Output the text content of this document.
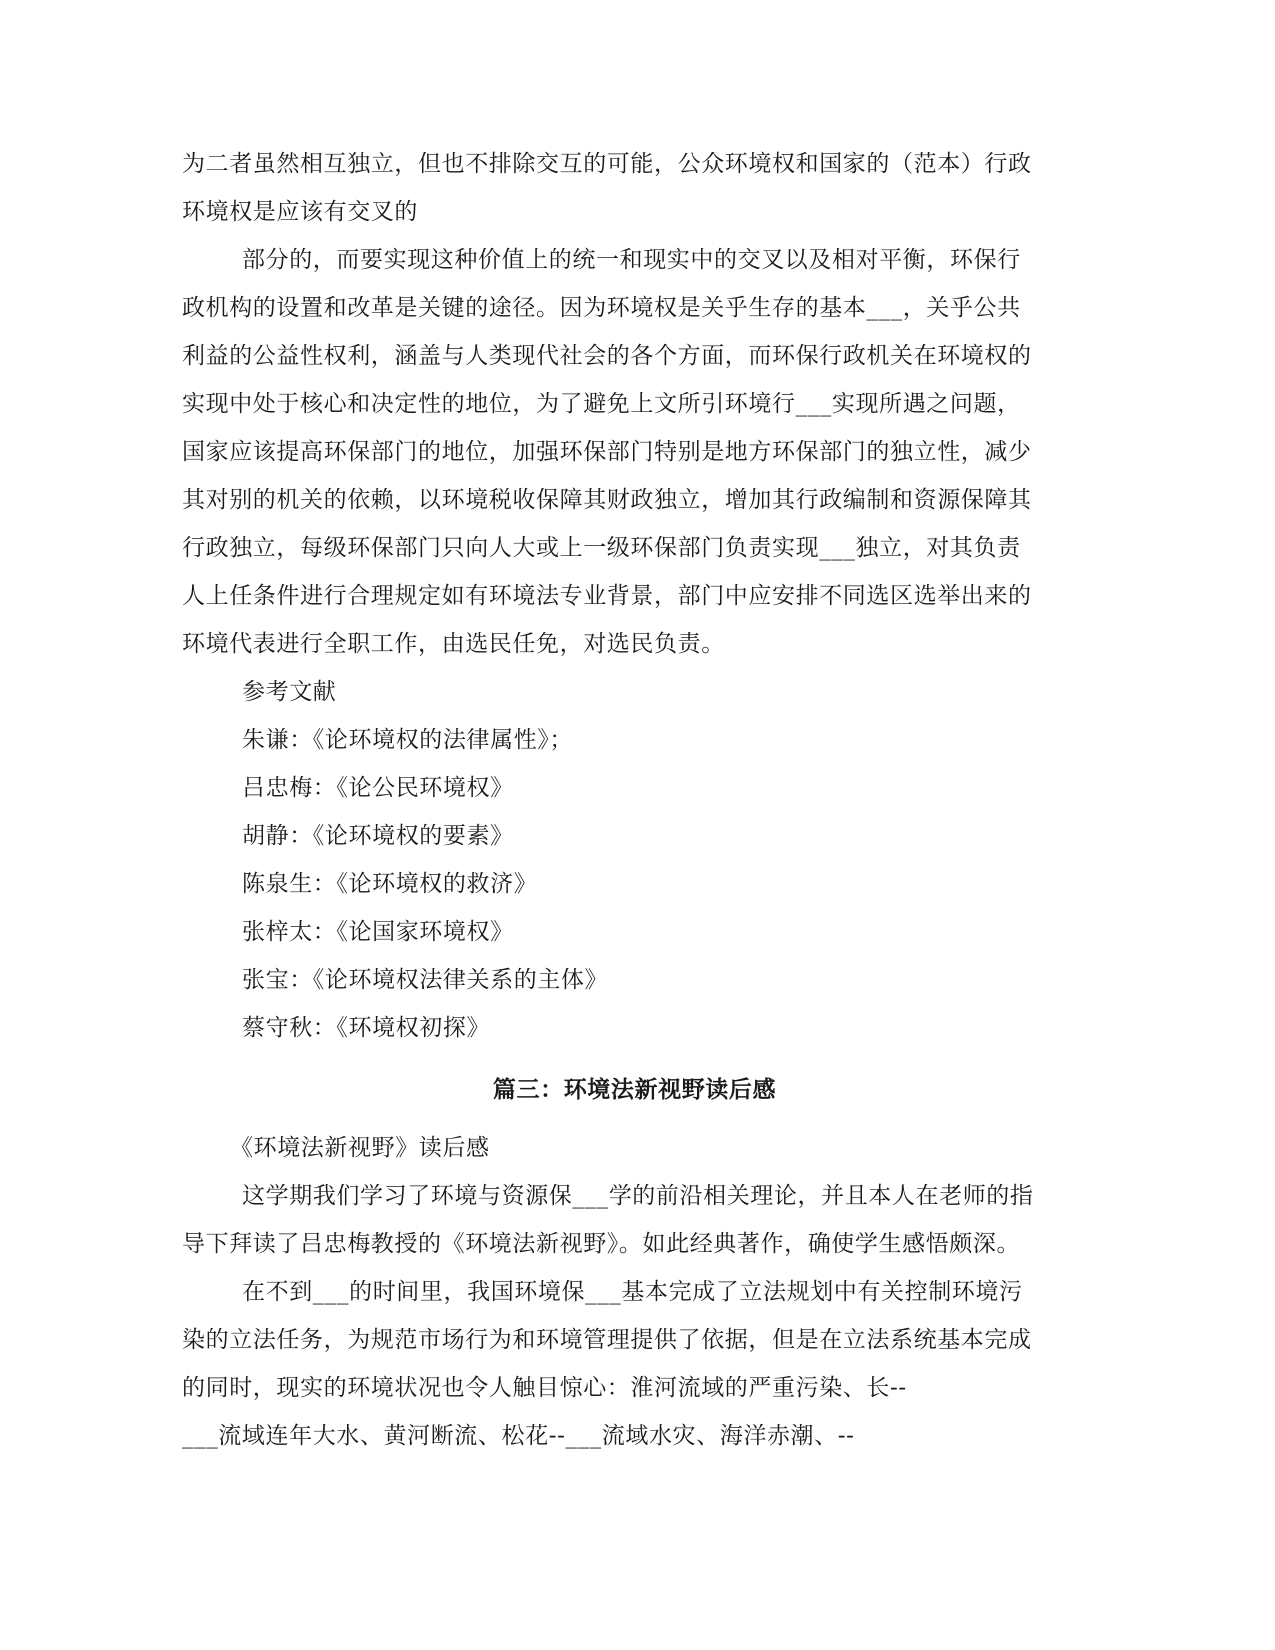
为二者虽然相互独立，但也不排除交互的可能，公众环境权和国家的（范本）行政
环境权是应该有交叉的
部分的，而要实现这种价值上的统一和现实中的交叉以及相对平衡，环保行
政机构的设置和改革是关键的途径。因为环境权是关乎生存的基本___，关乎公共
利益的公益性权利，涵盖与人类现代社会的各个方面，而环保行政机关在环境权的
实现中处于核心和决定性的地位，为了避免上文所引环境行___实现所遇之问题，
国家应该提高环保部门的地位，加强环保部门特别是地方环保部门的独立性，减少
其对别的机关的依赖，以环境税收保障其财政独立，增加其行政编制和资源保障其
行政独立，每级环保部门只向人大或上一级环保部门负责实现___独立，对其负责
人上任条件进行合理规定如有环境法专业背景，部门中应安排不同选区选举出来的
环境代表进行全职工作，由选民任免，对选民负责。
参考文献
朱谦：《论环境权的法律属性》；
吕忠梅：《论公民环境权》
胡静：《论环境权的要素》
陈泉生：《论环境权的救济》
张梓太：《论国家环境权》
张宝：《论环境权法律关系的主体》
蔡守秋：《环境权初探》
篇三：环境法新视野读后感
《环境法新视野》读后感
这学期我们学习了环境与资源保___学的前沿相关理论，并且本人在老师的指
导下拜读了吕忠梅教授的《环境法新视野》。如此经典著作，确使学生感悟颇深。
在不到___的时间里，我国环境保___基本完成了立法规划中有关控制环境污
染的立法任务，为规范市场行为和环境管理提供了依据，但是在立法系统基本完成
的同时，现实的环境状况也令人触目惊心：淮河流域的严重污染、长--
___流域连年大水、黄河断流、松花--___流域水灾、海洋赤潮、--
